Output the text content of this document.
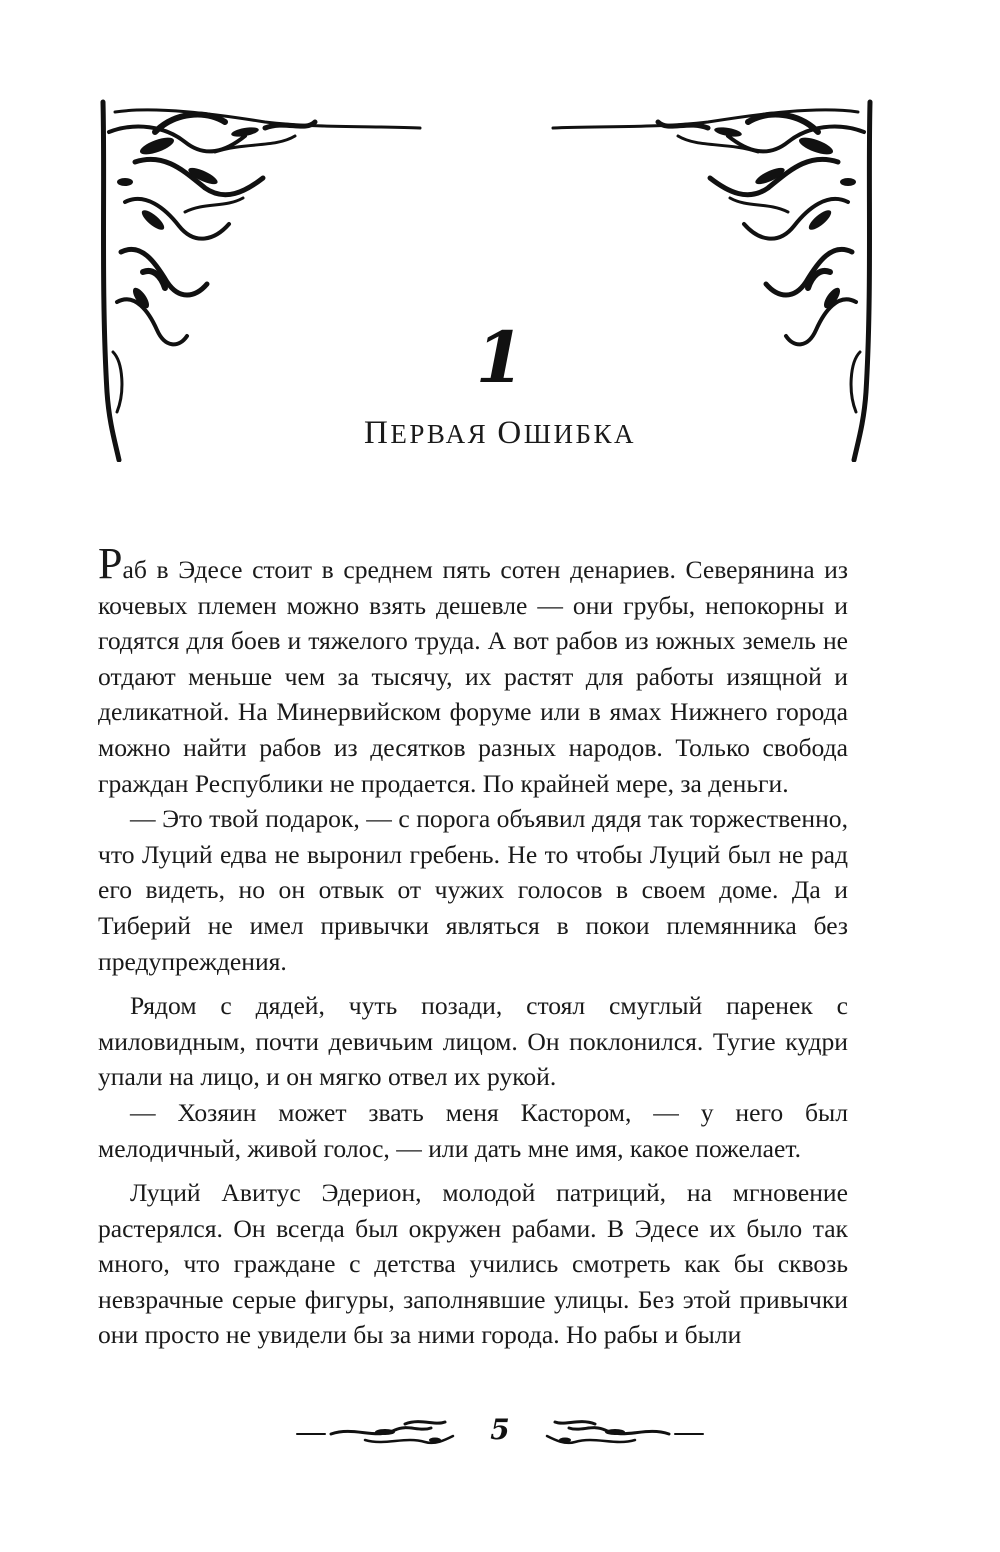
1
ПЕРВАЯ ОШИБКА

Раб в Эдесе стоит в среднем пять сотен денариев. Северянина из кочевых племен можно взять дешевле — они грубы, непокорны и годятся для боев и тяжелого труда. А вот рабов из южных земель не отдают меньше чем за тысячу, их растят для работы изящной и деликатной. На Минервийском форуме или в ямах Нижнего города можно найти рабов из десятков разных народов. Только свобода граждан Республики не продается. По крайней мере, за деньги.

— Это твой подарок, — с порога объявил дядя так торжественно, что Луций едва не выронил гребень. Не то чтобы Луций был не рад его видеть, но он отвык от чужих голосов в своем доме. Да и Тиберий не имел привычки являться в покои племянника без предупреждения.

Рядом с дядей, чуть позади, стоял смуглый паренек с миловидным, почти девичьим лицом. Он поклонился. Тугие кудри упали на лицо, и он мягко отвел их рукой.

— Хозяин может звать меня Кастором, — у него был мелодичный, живой голос, — или дать мне имя, какое пожелает.

Луций Авитус Эдерион, молодой патриций, на мгновение растерялся. Он всегда был окружен рабами. В Эдесе их было так много, что граждане с детства учились смотреть как бы сквозь невзрачные серые фигуры, заполнявшие улицы. Без этой привычки они просто не увидели бы за ними города. Но рабы и были

5
